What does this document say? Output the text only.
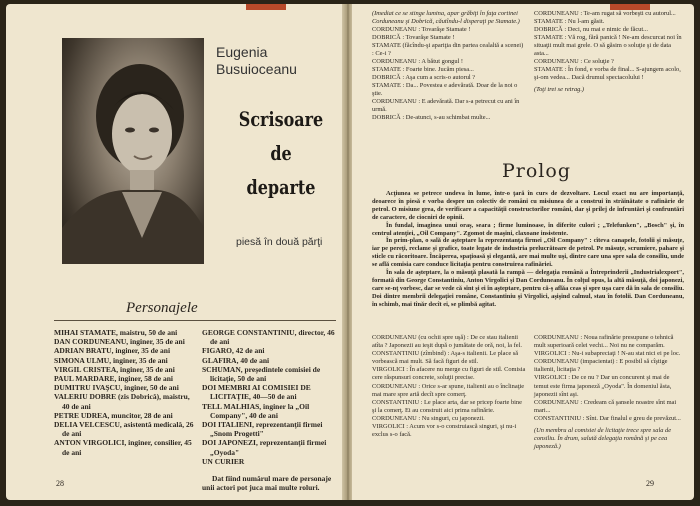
Eugenia
Busuioceanu
Scrisoare
de
departe
piesă în două părţi
Personajele
MIHAI STAMATE, maistru, 50 de ani
DAN CORDUNEANU, inginer, 35 de ani
ADRIAN BRATU, inginer, 35 de ani
SIMONA ULMU, inginer, 35 de ani
VIRGIL CRISTEA, inginer, 35 de ani
PAUL MARDARE, inginer, 58 de ani
DUMITRU IVAŞCU, inginer, 50 de ani
VALERIU DOBRE (zis Dobrică), maistru, 40 de ani
PETRE UDREA, muncitor, 28 de ani
DELIA VELCESCU, asistentă medicală, 26 de ani
ANTON VIRGOLICI, inginer, consilier, 45 de ani
GEORGE CONSTANTINIU, director, 46 de ani
FIGARO, 42 de ani
GLAFIRA, 40 de ani
SCHUMAN, preşedintele comisiei de licitaţie, 50 de ani
DOI MEMBRI AI COMISIEI DE LICITAŢIE, 40—50 de ani
TELL MALHIAS, inginer la „Oil Company", 40 de ani
DOI ITALIENI, reprezentanţii firmei „Snom Progetti"
DOI JAPONEZI, reprezentanţii firmei „Oyoda"
UN CURIER
Dat fiind numărul mare de personaje unii actori pot juca mai multe roluri.
28

(Imediat ce se stinge lumina, apar grăbiţi în faţa cortinei Corduneanu şi Dobrică, căutîndu-l disperaţi pe Stamate.)

CORDUNEANU : Tovarăşe Stamate !

DOBRICĂ : Tovarăşe Stamate !

STAMATE (făcîndu-şi apariţia din partea cealaltă a scenei) : Ce-i ?

CORDUNEANU : A bătut gongul !

STAMATE : Foarte bine. Jucăm piesa...

DOBRICĂ : Aşa cum a scris-o autorul ?

STAMATE : Da... Povestea e adevărată. Doar de la noi o ştie.

CORDUNEANU : E adevărată. Dar s-a petrecut cu ani în urmă.

DOBRICĂ : De-atunci, s-au schimbat multe...

CORDUNEANU : Te-am rugat să vorbeşti cu autorul...

STAMATE : Nu l-am găsit.

DOBRICĂ : Deci, nu mai e nimic de făcut...

STAMATE : Vă rog, fără panică ! Ne-am descurcat noi în situaţii mult mai grele. O să găsim o soluţie şi de data asta...

CORDUNEANU : Ce soluţie ?

STAMATE : În fond, e vorba de final... S-ajungem acolo, şi-om vedea... Dacă drumul spectacolului !

(Toţi trei se retrag.)

Prolog

Acţiunea se petrece undeva în lume, într-o ţară în curs de dezvoltare. Locul exact nu are importanţă, deoarece în piesă e vorba despre un colectiv de români cu misiunea de a construi în străinătate o rafinărie de petrol. O misiune grea, de verificare a capacităţii constructorilor români, dar şi prilej de înfruntări şi confruntări de caractere, de ciocniri de opinii.

În fundal, imaginea unui oraş, seara ; firme luminoase, în diferite culori ; „Telefunken", „Bosch" şi, în centrul atenţiei, „Oil Company". Zgomot de maşini, claxoane insistente.

În prim-plan, o sală de aşteptare la reprezentanţa firmei „Oil Company" : cîteva canapele, fotolii şi măsuţe, iar pe pereţi, reclame şi grafice, toate legate de industria prelucrătoare de petrol. Pe măsuţe, scrumiere, pahare şi sticle cu răcoritoare. Încăperea, spaţioasă şi elegantă, are mai multe uşi, dintre care una spre sala de consiliu, unde se află comisia care conduce licitaţia pentru construirea rafinăriei.

În sala de aşteptare, la o măsuţă plasată la rampă — delegaţia română a Întreprinderii „Industrialexport", formată din George Constantiniu, Anton Virgolici şi Dan Corduneanu. În colţul opus, la altă măsuţă, doi japonezi, care se-nţ vorbesc, dar se vede că sînt şi ei în aşteptare, pentru că-ş aflăa ceas şi spre uşa care dă în sala de consiliu. Doi dintre membrii delegaţiei române, Constantiniu şi Virgolici, aşişind calmul, stau în fotolii. Dan Corduneanu, în schimb, mai tînăr decît ei, se plimbă agitat.

CORDUNEANU (cu ochii spre uşă) : De ce stau italienii atîta ? Japonezii au ieşit după o jumătate de oră, noi, la fel.

CONSTANTINIU (zîmbind) : Aşa-s italienii. Le place să vorbească mai mult. Să facă figuri de stil.

VIRGOLICI : În afacere nu merge cu figuri de stil. Comisia cere răspunsuri concrete, soluţii precise.

CORDUNEANU : Orice s-ar spune, italienii au o înclinaţie mai mare spre artă decît spre comerţ.

CONSTANTINIU : Le place arta, dar se pricep foarte bine şi la comerţ. Ei au construit aici prima rafinărie.

CORDUNEANU : Nu singuri, cu japonezii.

VIRGOLICI : Acum vor s-o construiască singuri, şi nu-i exclus s-o facă.

CORDUNEANU : Noua rafinărie presupune o tehnică mult superioară celei vechi... Noi nu ne comparăm.

VIRGOLICI : Nu-i subapreciaţi ! N-au stat nici ei pe loc.

CORDUNEANU (impacientat) : E posibil să cîştige italienii, licitaţia ?

VIRGOLICI : De ce nu ? Dar un concurent şi mai de temut este firma japoneză „Oyoda". În domeniul ăsta, japonezii sînt aşi.

CORDUNEANU : Credeam că şansele noastre sînt mai mari...

CONSTANTINIU : Sînt. Dar finalul e greu de prevăzut...

(Un membru al comisiei de licitaţie trece spre sala de consiliu. În drum, salută delegaţia română şi pe cea japoneză.)

29
